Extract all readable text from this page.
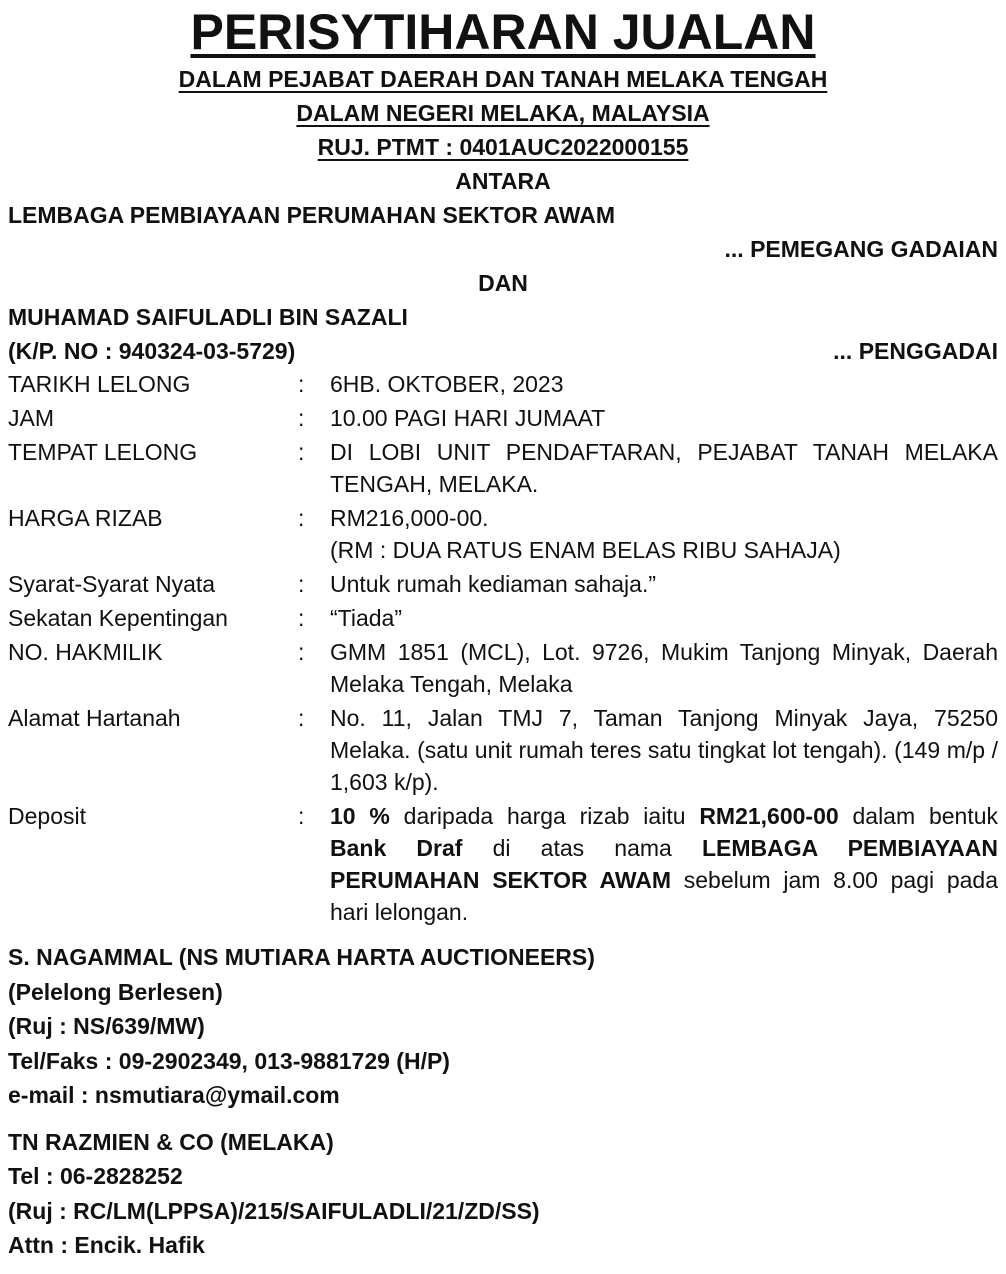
PERISYTIHARAN JUALAN
DALAM PEJABAT DAERAH DAN TANAH MELAKA TENGAH
DALAM NEGERI MELAKA, MALAYSIA
RUJ. PTMT : 0401AUC2022000155
ANTARA
LEMBAGA PEMBIAYAAN PERUMAHAN SEKTOR AWAM
... PEMEGANG GADAIAN
DAN
MUHAMAD SAIFULADLI BIN SAZALI
(K/P. NO : 940324-03-5729)	... PENGGADAI
TARIKH LELONG	:	6HB. OKTOBER, 2023
JAM	:	10.00 PAGI HARI JUMAAT
TEMPAT LELONG	:	DI LOBI UNIT PENDAFTARAN, PEJABAT TANAH MELAKA TENGAH, MELAKA.
HARGA RIZAB	:	RM216,000-00.

(RM : DUA RATUS ENAM BELAS RIBU SAHAJA)

Syarat-Syarat Nyata	:	Untuk rumah kediaman sahaja.”
Sekatan Kepentingan	:	“Tiada”
NO. HAKMILIK	:	GMM 1851 (MCL), Lot. 9726, Mukim Tanjong Minyak, Daerah Melaka Tengah, Melaka
Alamat Hartanah	:	No. 11, Jalan TMJ 7, Taman Tanjong Minyak Jaya, 75250 Melaka. (satu unit rumah teres satu tingkat lot tengah). (149 m/p / 1,603 k/p).
Deposit	:	10 % daripada harga rizab iaitu RM21,600-00 dalam bentuk Bank Draf di atas nama LEMBAGA PEMBIAYAAN PERUMAHAN SEKTOR AWAM sebelum jam 8.00 pagi pada hari lelongan.
S. NAGAMMAL (NS MUTIARA HARTA AUCTIONEERS)
(Pelelong Berlesen)
(Ruj : NS/639/MW)
Tel/Faks : 09-2902349, 013-9881729 (H/P)
e-mail : nsmutiara@ymail.com
TN RAZMIEN & CO (MELAKA)
Tel : 06-2828252
(Ruj : RC/LM(LPPSA)/215/SAIFULADLI/21/ZD/SS)
Attn : Encik. Hafik
